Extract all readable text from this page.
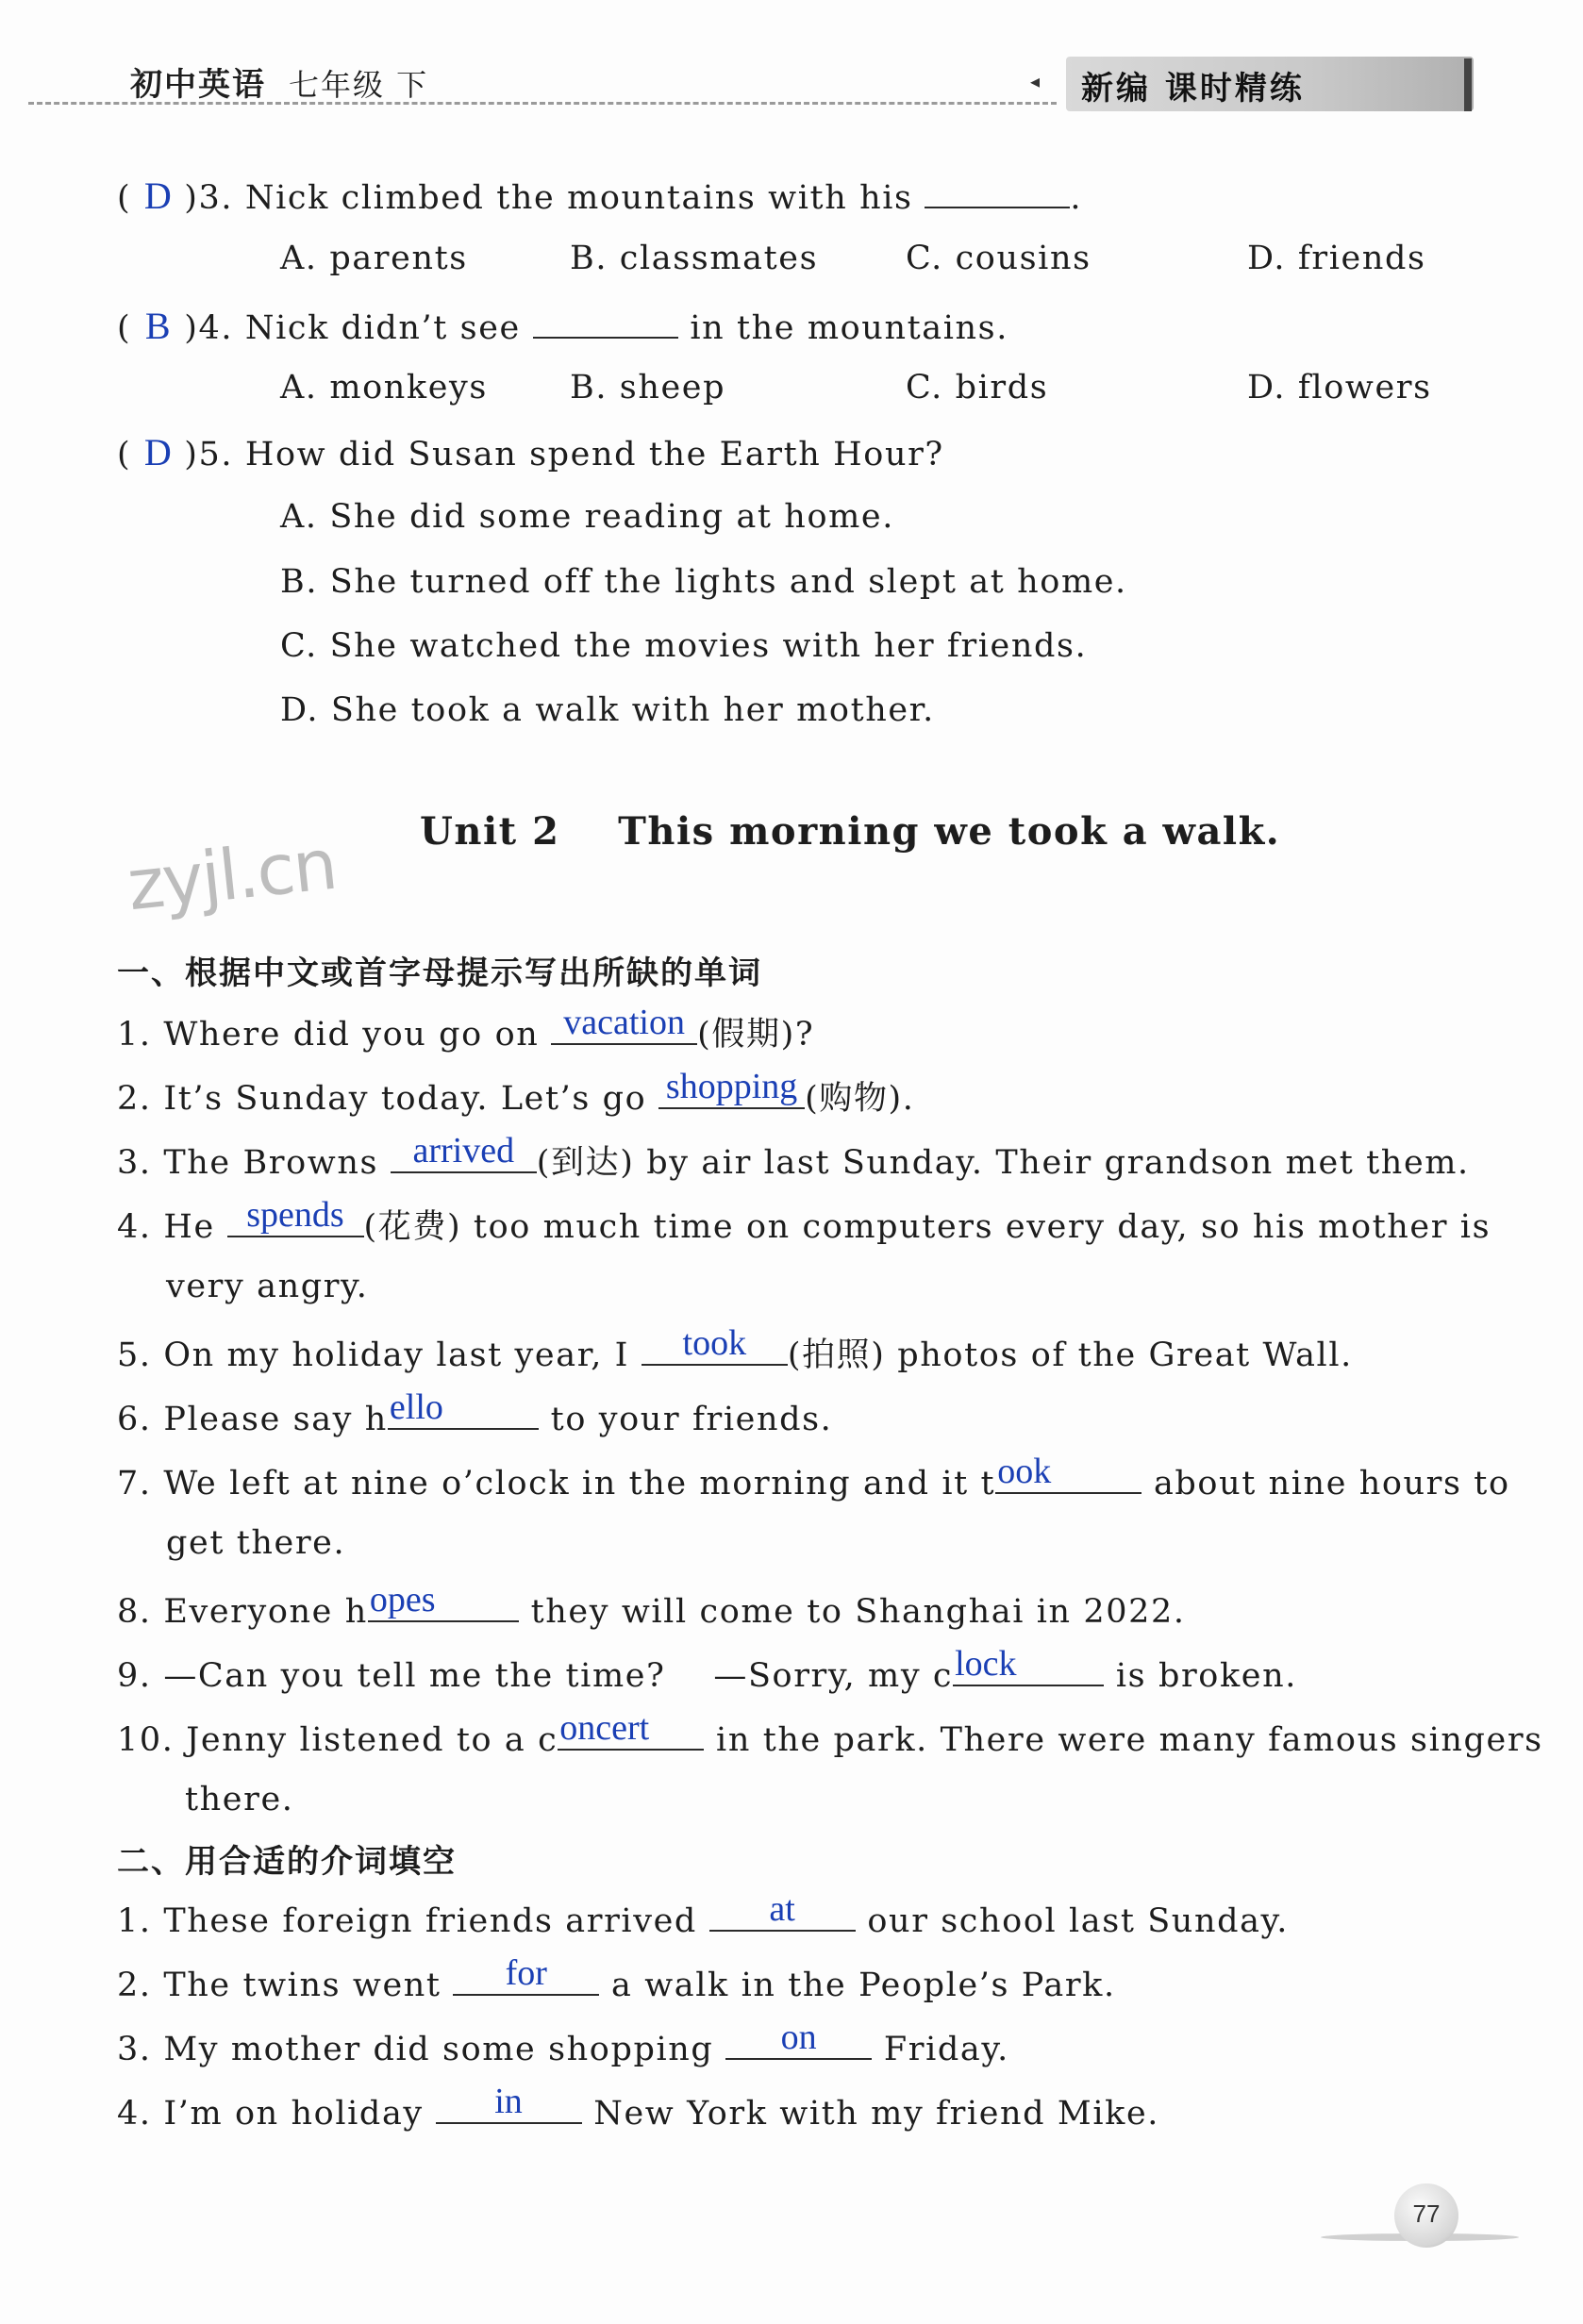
初中英语 七年级 下	◂ 新编 课时精练
( D )3. Nick climbed the mountains with his	.
A. parents	B. classmates	C. cousins	D. friends
( B )4. Nick didn’t see	in the mountains.
A. monkeys B. sheep	C. birds	D. flowers
( D )5. How did Susan spend the Earth Hour?
A. She did some reading at home.
B. She turned off the lights and slept at home.
C. She watched the movies with her friends.
D. She took a walk with her mother.
Unit 2    This morning we took a walk.
zyjl.cn
一、根据中文或首字母提示写出所缺的单词
1. Where did you go on vacation (假期)?
2. It’s Sunday today. Let’s go shopping (购物).
3. The Browns arrived (到达) by air last Sunday. Their grandson met them.
4. He spends (花费) too much time on computers every day, so his mother is
very angry.
5. On my holiday last year, I	took	(拍照) photos of the Great Wall.
6. Please say h ello	to your friends.
7. We left at nine o’clock in the morning and it t ook	about nine hours to
get there.
8. Everyone h opes	they will come to Shanghai in 2022.
9. —Can you tell me the time?    —Sorry, my c lock	is broken.
10. Jenny listened to a c oncert	in the park. There were many famous singers
there.
二、用合适的介词填空
1. These foreign friends arrived	at	our school last Sunday.
2. The twins went	for	a walk in the People’s Park.
3. My mother did some shopping	on	Friday.
4. I’m on holiday	in	New York with my friend Mike.
77
